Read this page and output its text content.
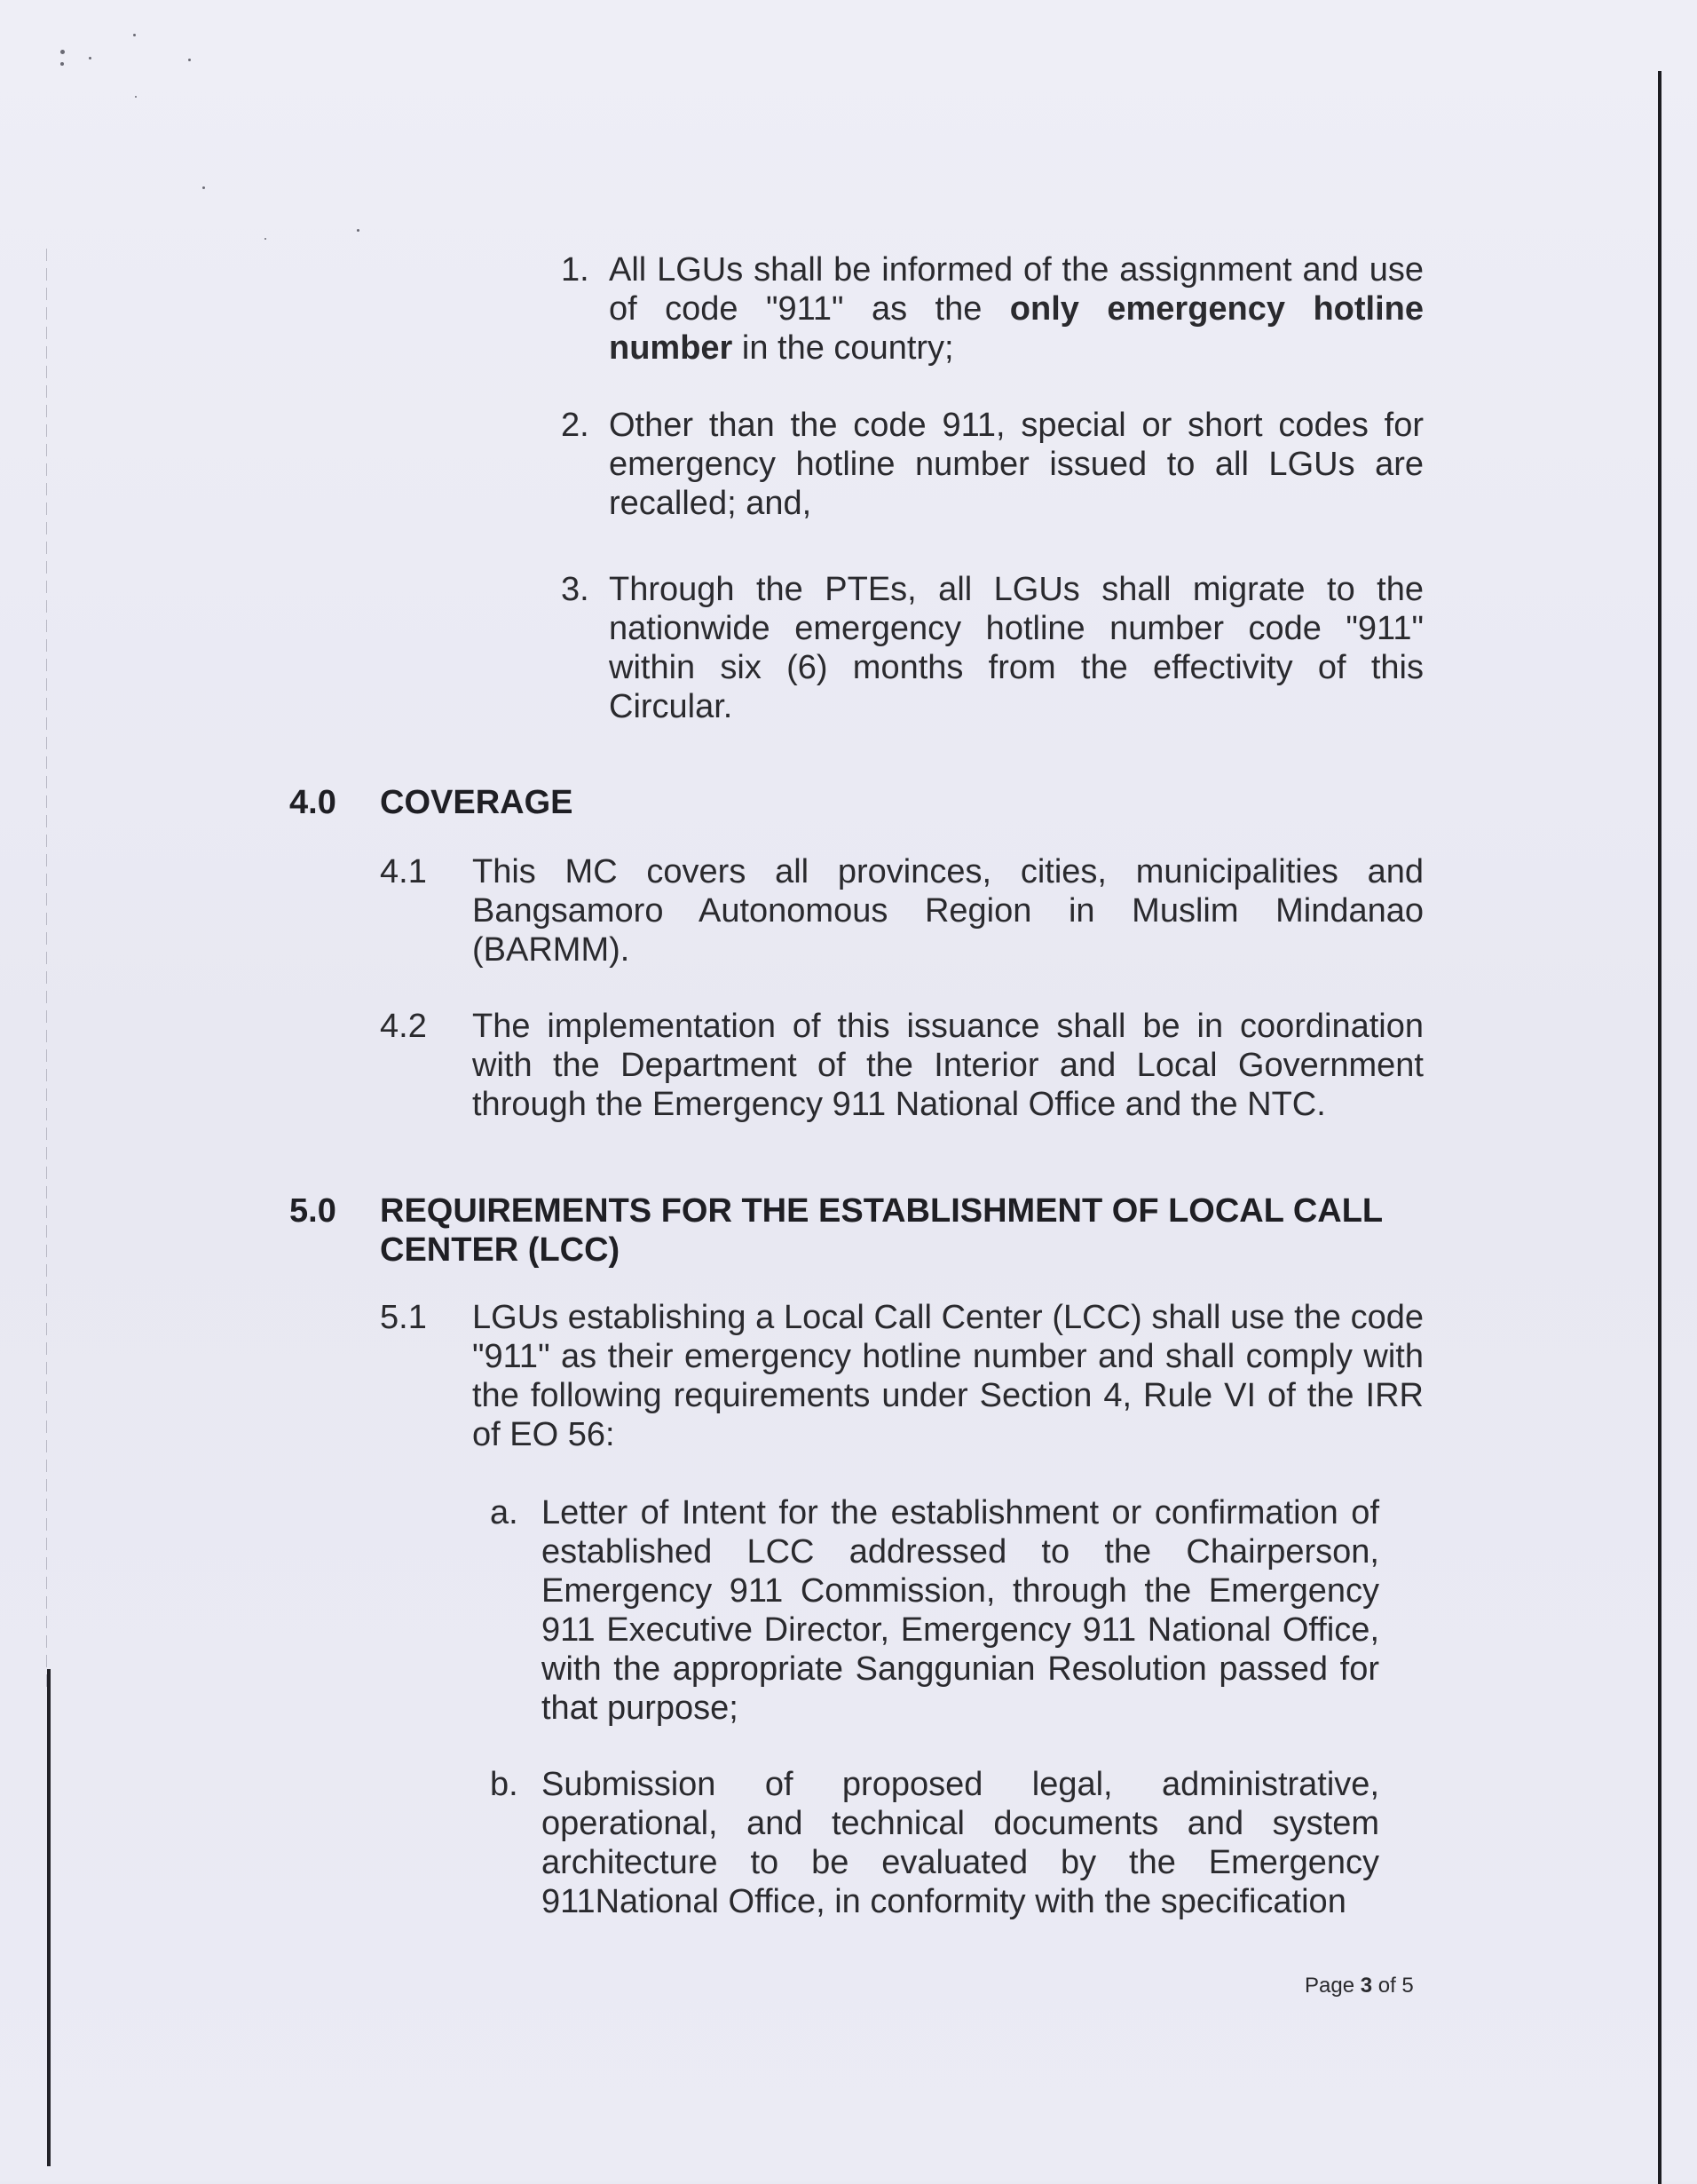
1. All LGUs shall be informed of the assignment and use of code "911" as the only emergency hotline number in the country;
2. Other than the code 911, special or short codes for emergency hotline number issued to all LGUs are recalled; and,
3. Through the PTEs, all LGUs shall migrate to the nationwide emergency hotline number code "911" within six (6) months from the effectivity of this Circular.
4.0 COVERAGE
4.1 This MC covers all provinces, cities, municipalities and Bangsamoro Autonomous Region in Muslim Mindanao (BARMM).
4.2 The implementation of this issuance shall be in coordination with the Department of the Interior and Local Government through the Emergency 911 National Office and the NTC.
5.0 REQUIREMENTS FOR THE ESTABLISHMENT OF LOCAL CALL
CENTER (LCC)
5.1 LGUs establishing a Local Call Center (LCC) shall use the code "911" as their emergency hotline number and shall comply with the following requirements under Section 4, Rule VI of the IRR of EO 56:
a. Letter of Intent for the establishment or confirmation of established LCC addressed to the Chairperson, Emergency 911 Commission, through the Emergency 911 Executive Director, Emergency 911 National Office, with the appropriate Sanggunian Resolution passed for that purpose;
b. Submission of proposed legal, administrative, operational, and technical documents and system architecture to be evaluated by the Emergency 911National Office, in conformity with the specification
Page 3 of 5
